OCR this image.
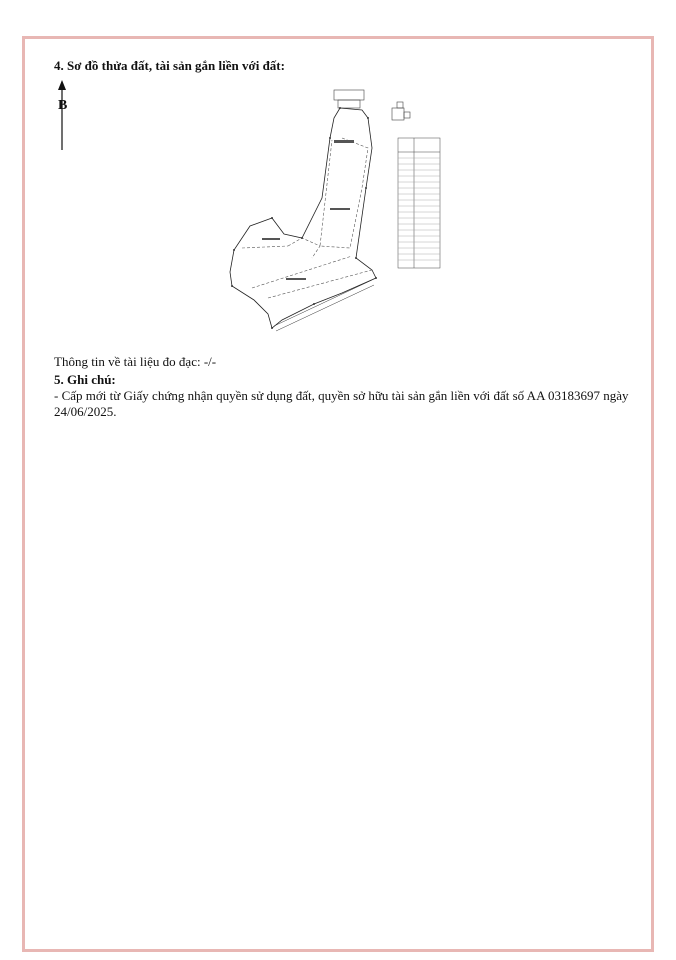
4. Sơ đồ thửa đất, tài sản gắn liền với đất:
B
Thông tin về tài liệu đo đạc: -/-
5. Ghi chú:
- Cấp mới từ Giấy chứng nhận quyền sử dụng đất, quyền sở hữu tài sản gắn liền với đất số AA 03183697 ngày 24/06/2025.
